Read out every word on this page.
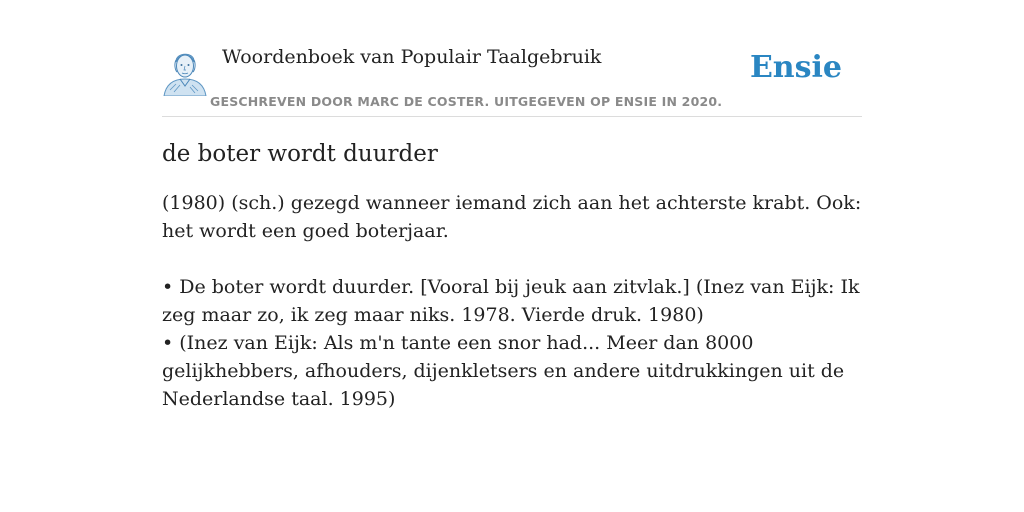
Woordenboek van Populair Taalgebruik
GESCHREVEN DOOR MARC DE COSTER. UITGEGEVEN OP ENSIE IN 2020.
Ensie
de boter wordt duurder

(1980) (sch.) gezegd wanneer iemand zich aan het achterste krabt. Ook: het wordt een goed boterjaar.

• De boter wordt duurder. [Vooral bij jeuk aan zitvlak.] (Inez van Eijk: Ik zeg maar zo, ik zeg maar niks. 1978. Vierde druk. 1980)

• (Inez van Eijk: Als m'n tante een snor had... Meer dan 8000 gelijkhebbers, afhouders, dijenkletsers en andere uitdrukkingen uit de Nederlandse taal. 1995)
